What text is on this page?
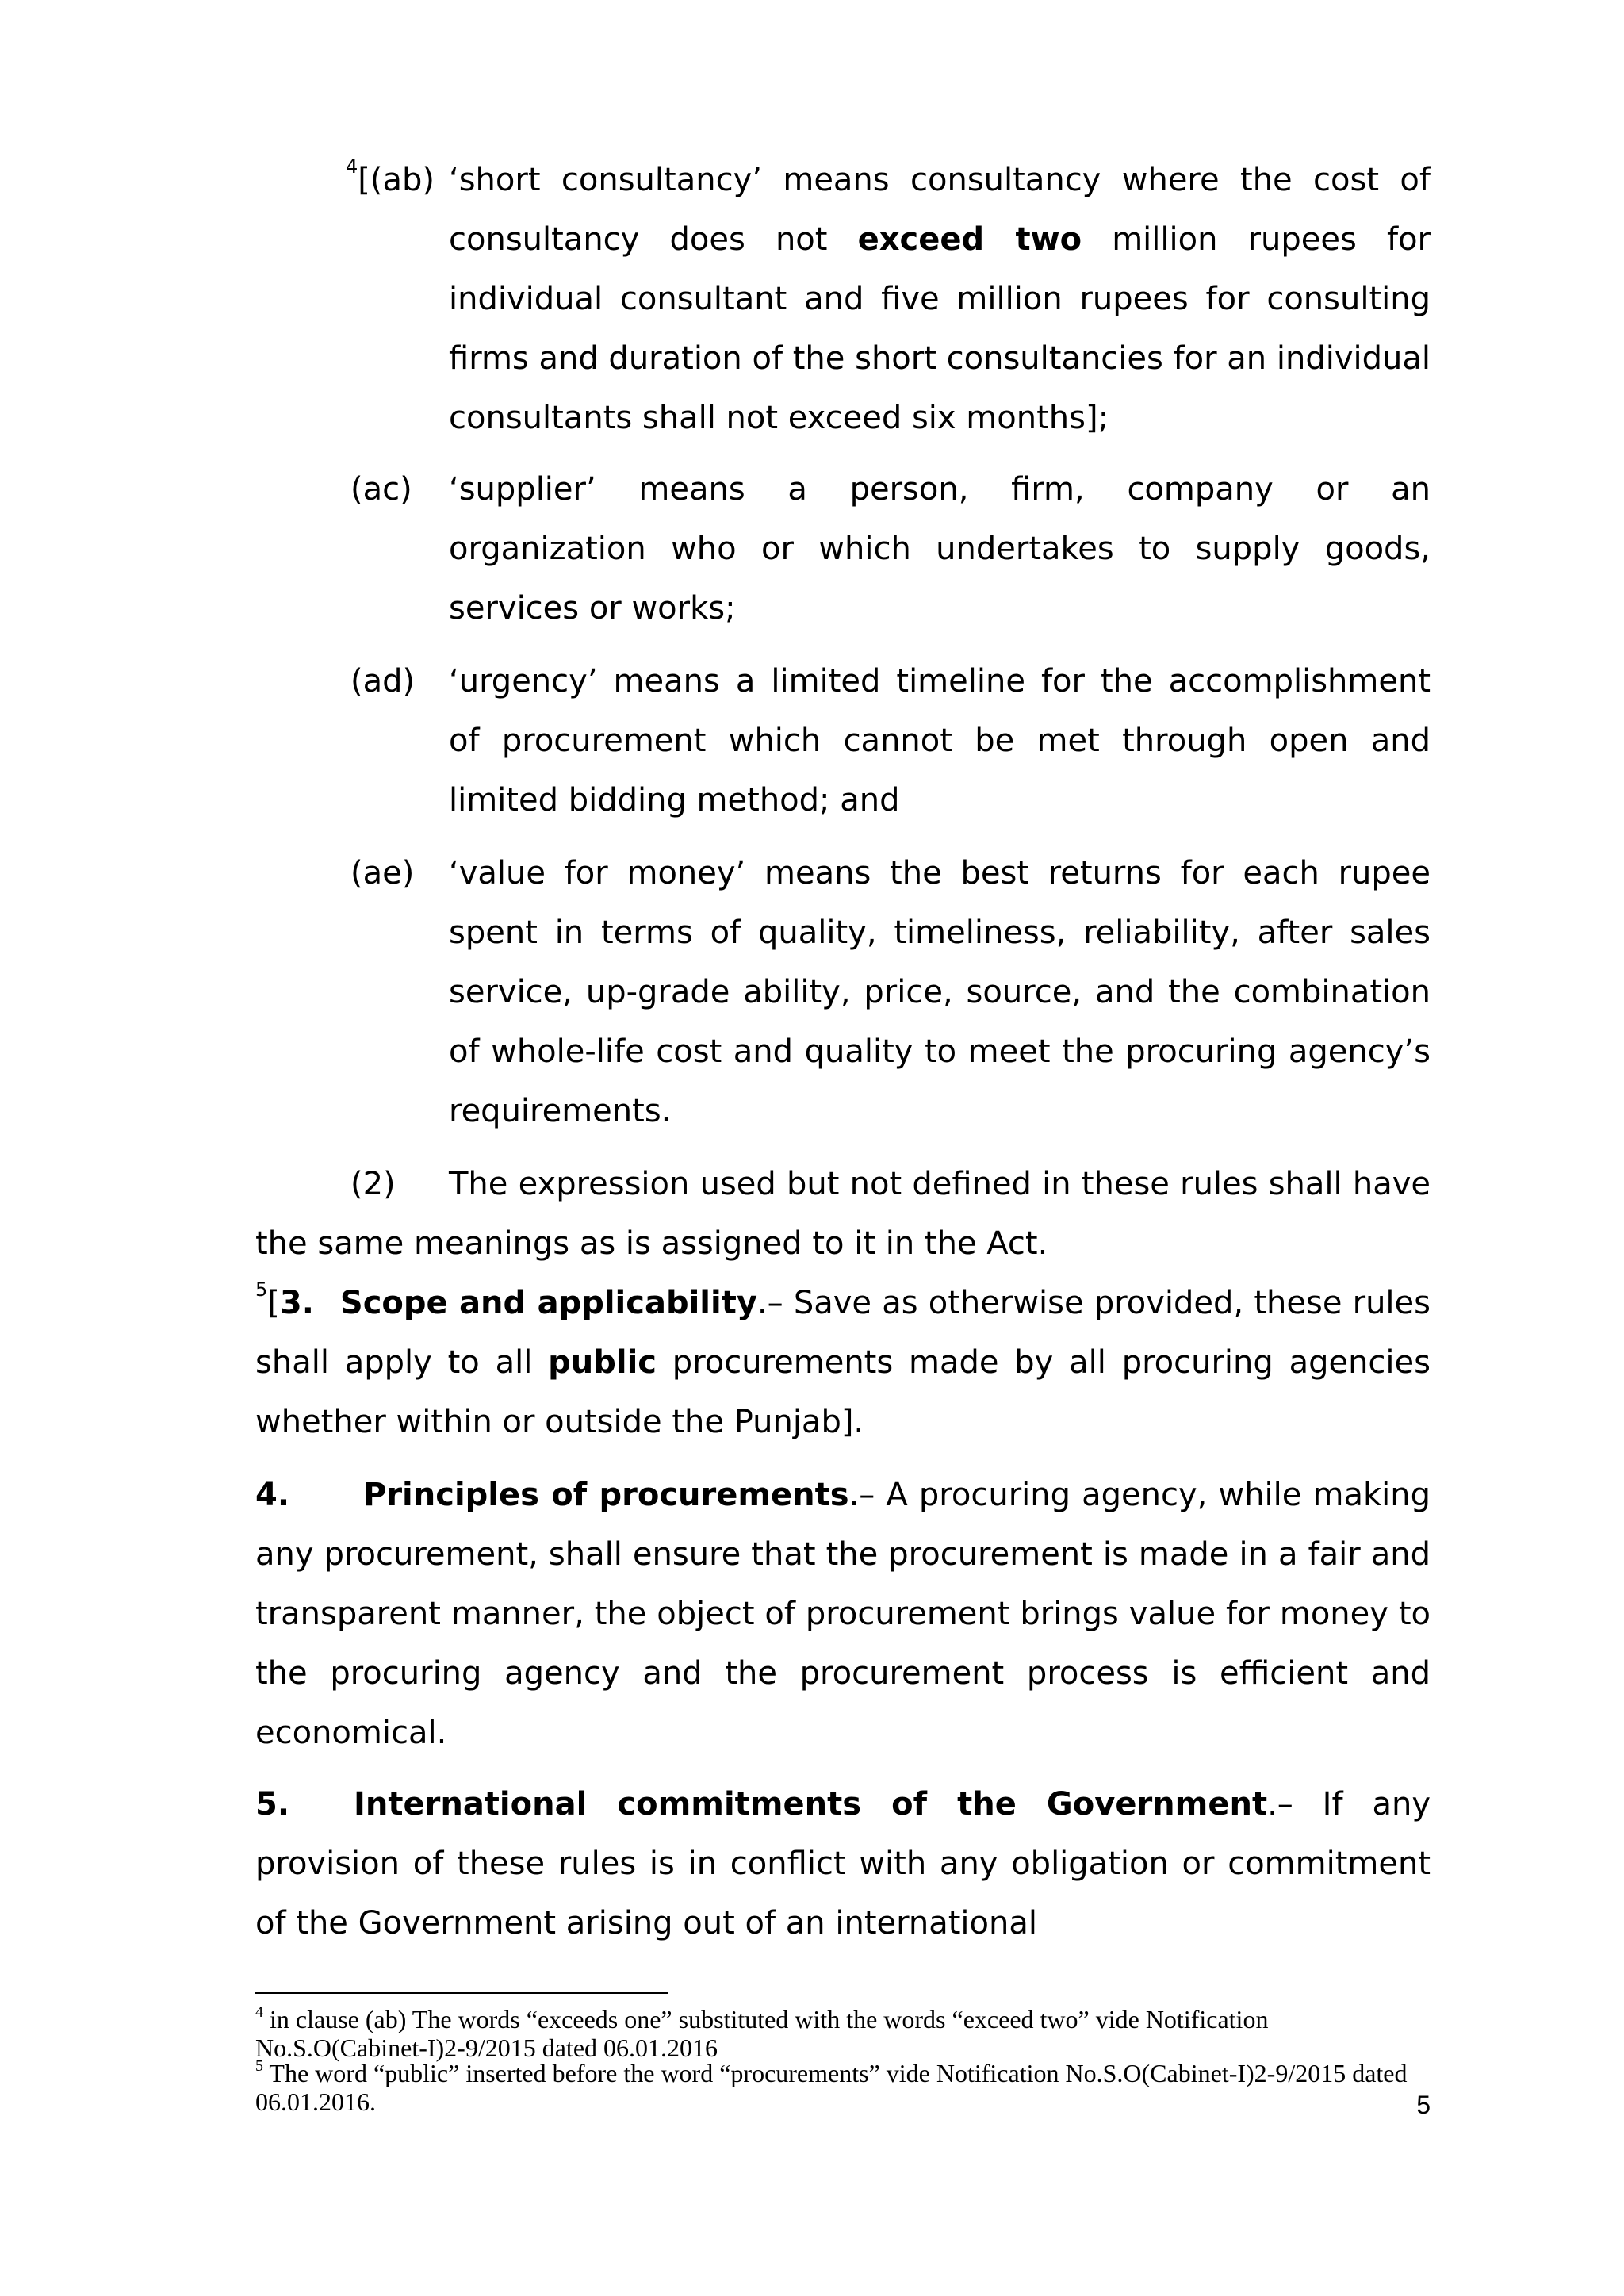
$^4$[(ab) ‘short consultancy’ means consultancy where the cost of
consultancy does not exceed two million rupees for individual consultant and five million rupees for consulting firms and duration of the short consultancies for an individual consultants shall not exceed six months];
(ac)	‘supplier’ means a person, firm, company or an
organization who or which undertakes to supply goods, services or works;
(ad)	‘urgency’ means a limited timeline for the accomplishment
of procurement which cannot be met through open and limited bidding method; and
(ae)	‘value for money’ means the best returns for each rupee
spent in terms of quality, timeliness, reliability, after sales service, up-grade ability, price, source, and the combination of whole-life cost and quality to meet the procuring agency’s requirements.
(2) The expression used but not defined in these rules shall have the same meanings as is assigned to it in the Act.
$^5$[3. Scope and applicability.– Save as otherwise provided, these rules shall apply to all public procurements made by all procuring agencies whether within or outside the Punjab].
4. Principles of procurements.– A procuring agency, while making any procurement, shall ensure that the procurement is made in a fair and transparent manner, the object of procurement brings value for money to the procuring agency and the procurement process is efficient and economical.
5. International commitments of the Government.– If any provision of these rules is in conflict with any obligation or commitment of the Government arising out of an international
$^4$ in clause (ab) The words “exceeds one” substituted with the words “exceed two” vide Notification No.S.O(Cabinet-I)2-9/2015 dated 06.01.2016
$^5$ The word “public” inserted before the word “procurements” vide Notification No.S.O(Cabinet-I)2-9/2015 dated 06.01.2016.	5
